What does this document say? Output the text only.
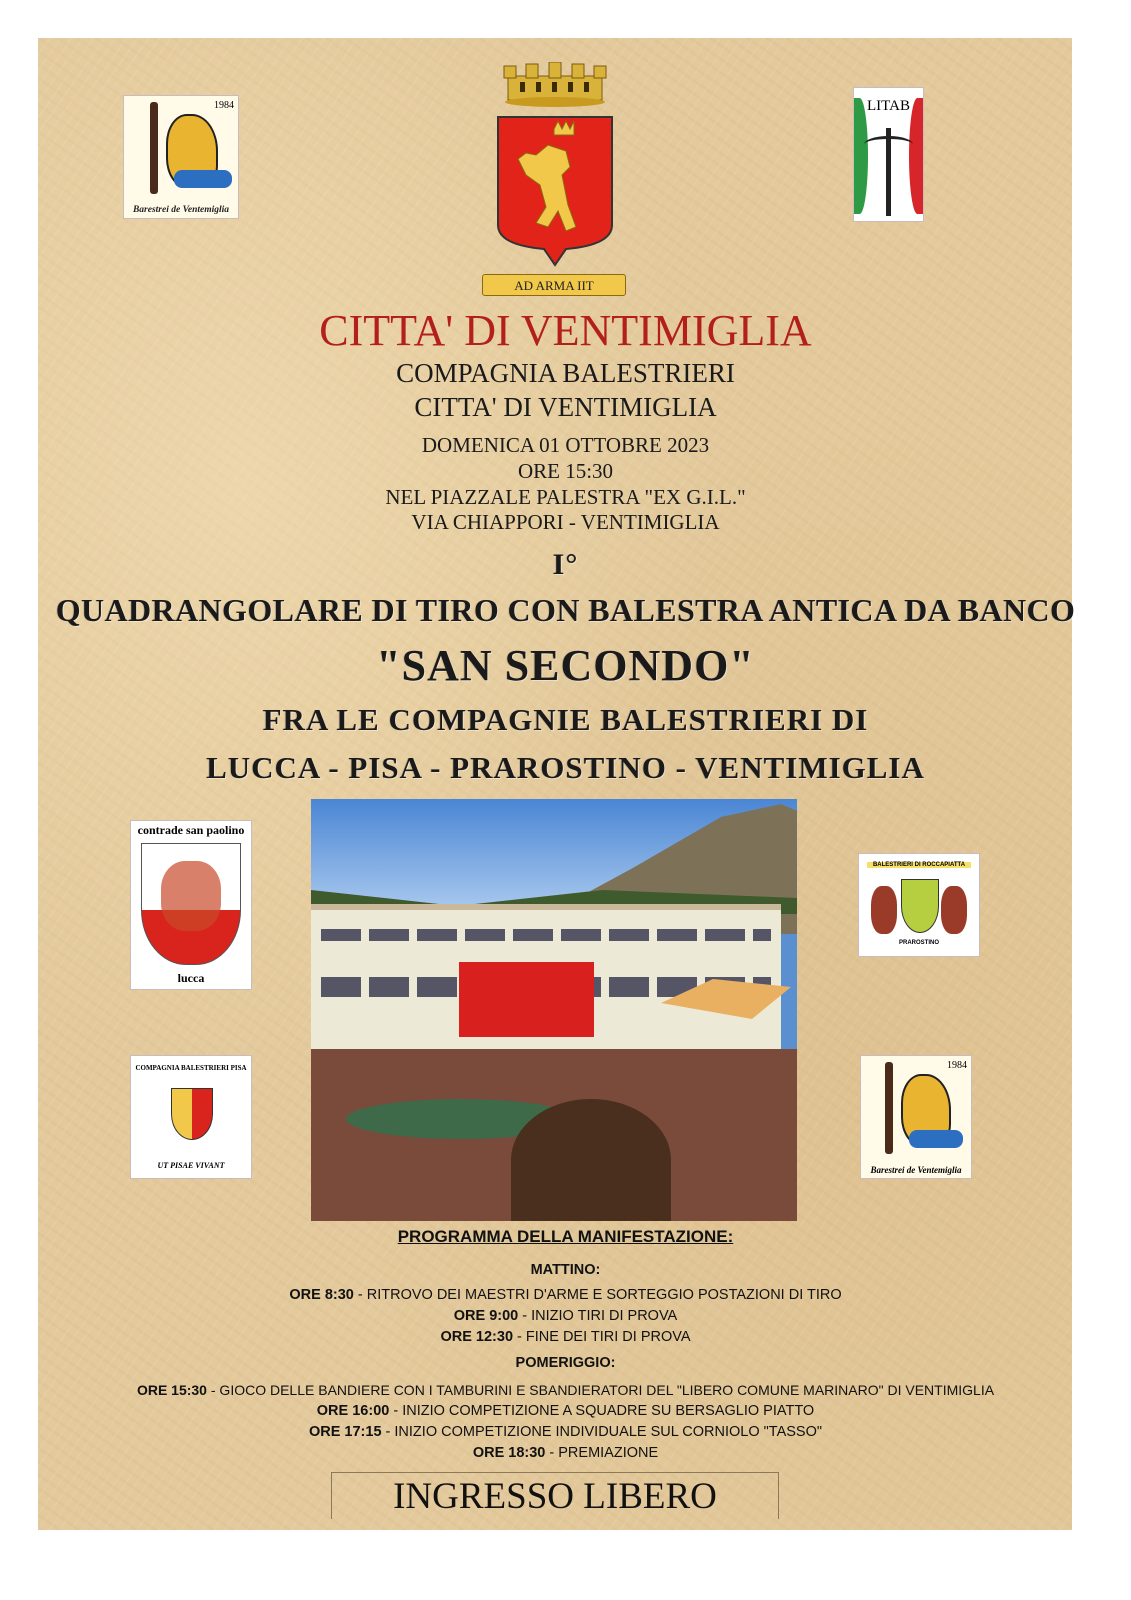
1984
Barestrei de Ventemiglia
AD ARMA IIT
LITAB
CITTA' DI VENTIMIGLIA
COMPAGNIA BALESTRIERI
CITTA' DI VENTIMIGLIA
DOMENICA 01 OTTOBRE 2023
ORE 15:30
NEL PIAZZALE PALESTRA "EX G.I.L."
VIA CHIAPPORI - VENTIMIGLIA
I°
QUADRANGOLARE DI TIRO CON BALESTRA ANTICA DA BANCO
"SAN SECONDO"
FRA LE COMPAGNIE BALESTRIERI DI
LUCCA - PISA - PRAROSTINO - VENTIMIGLIA
contrade san paolino
lucca
BALESTRIERI DI ROCCAPIATTA
PRAROSTINO
COMPAGNIA BALESTRIERI PISA
UT PISAE VIVANT
1984
Barestrei de Ventemiglia
PROGRAMMA DELLA MANIFESTAZIONE:
MATTINO:
ORE 8:30 - RITROVO DEI MAESTRI D'ARME E SORTEGGIO POSTAZIONI DI TIRO
ORE 9:00 - INIZIO TIRI DI PROVA
ORE 12:30 - FINE DEI TIRI DI PROVA
POMERIGGIO:
ORE 15:30 - GIOCO DELLE BANDIERE CON I TAMBURINI E SBANDIERATORI DEL "LIBERO COMUNE MARINARO" DI VENTIMIGLIA
ORE 16:00 - INIZIO COMPETIZIONE A SQUADRE SU BERSAGLIO PIATTO
ORE 17:15 - INIZIO COMPETIZIONE INDIVIDUALE SUL CORNIOLO "TASSO"
ORE 18:30 - PREMIAZIONE
INGRESSO LIBERO
